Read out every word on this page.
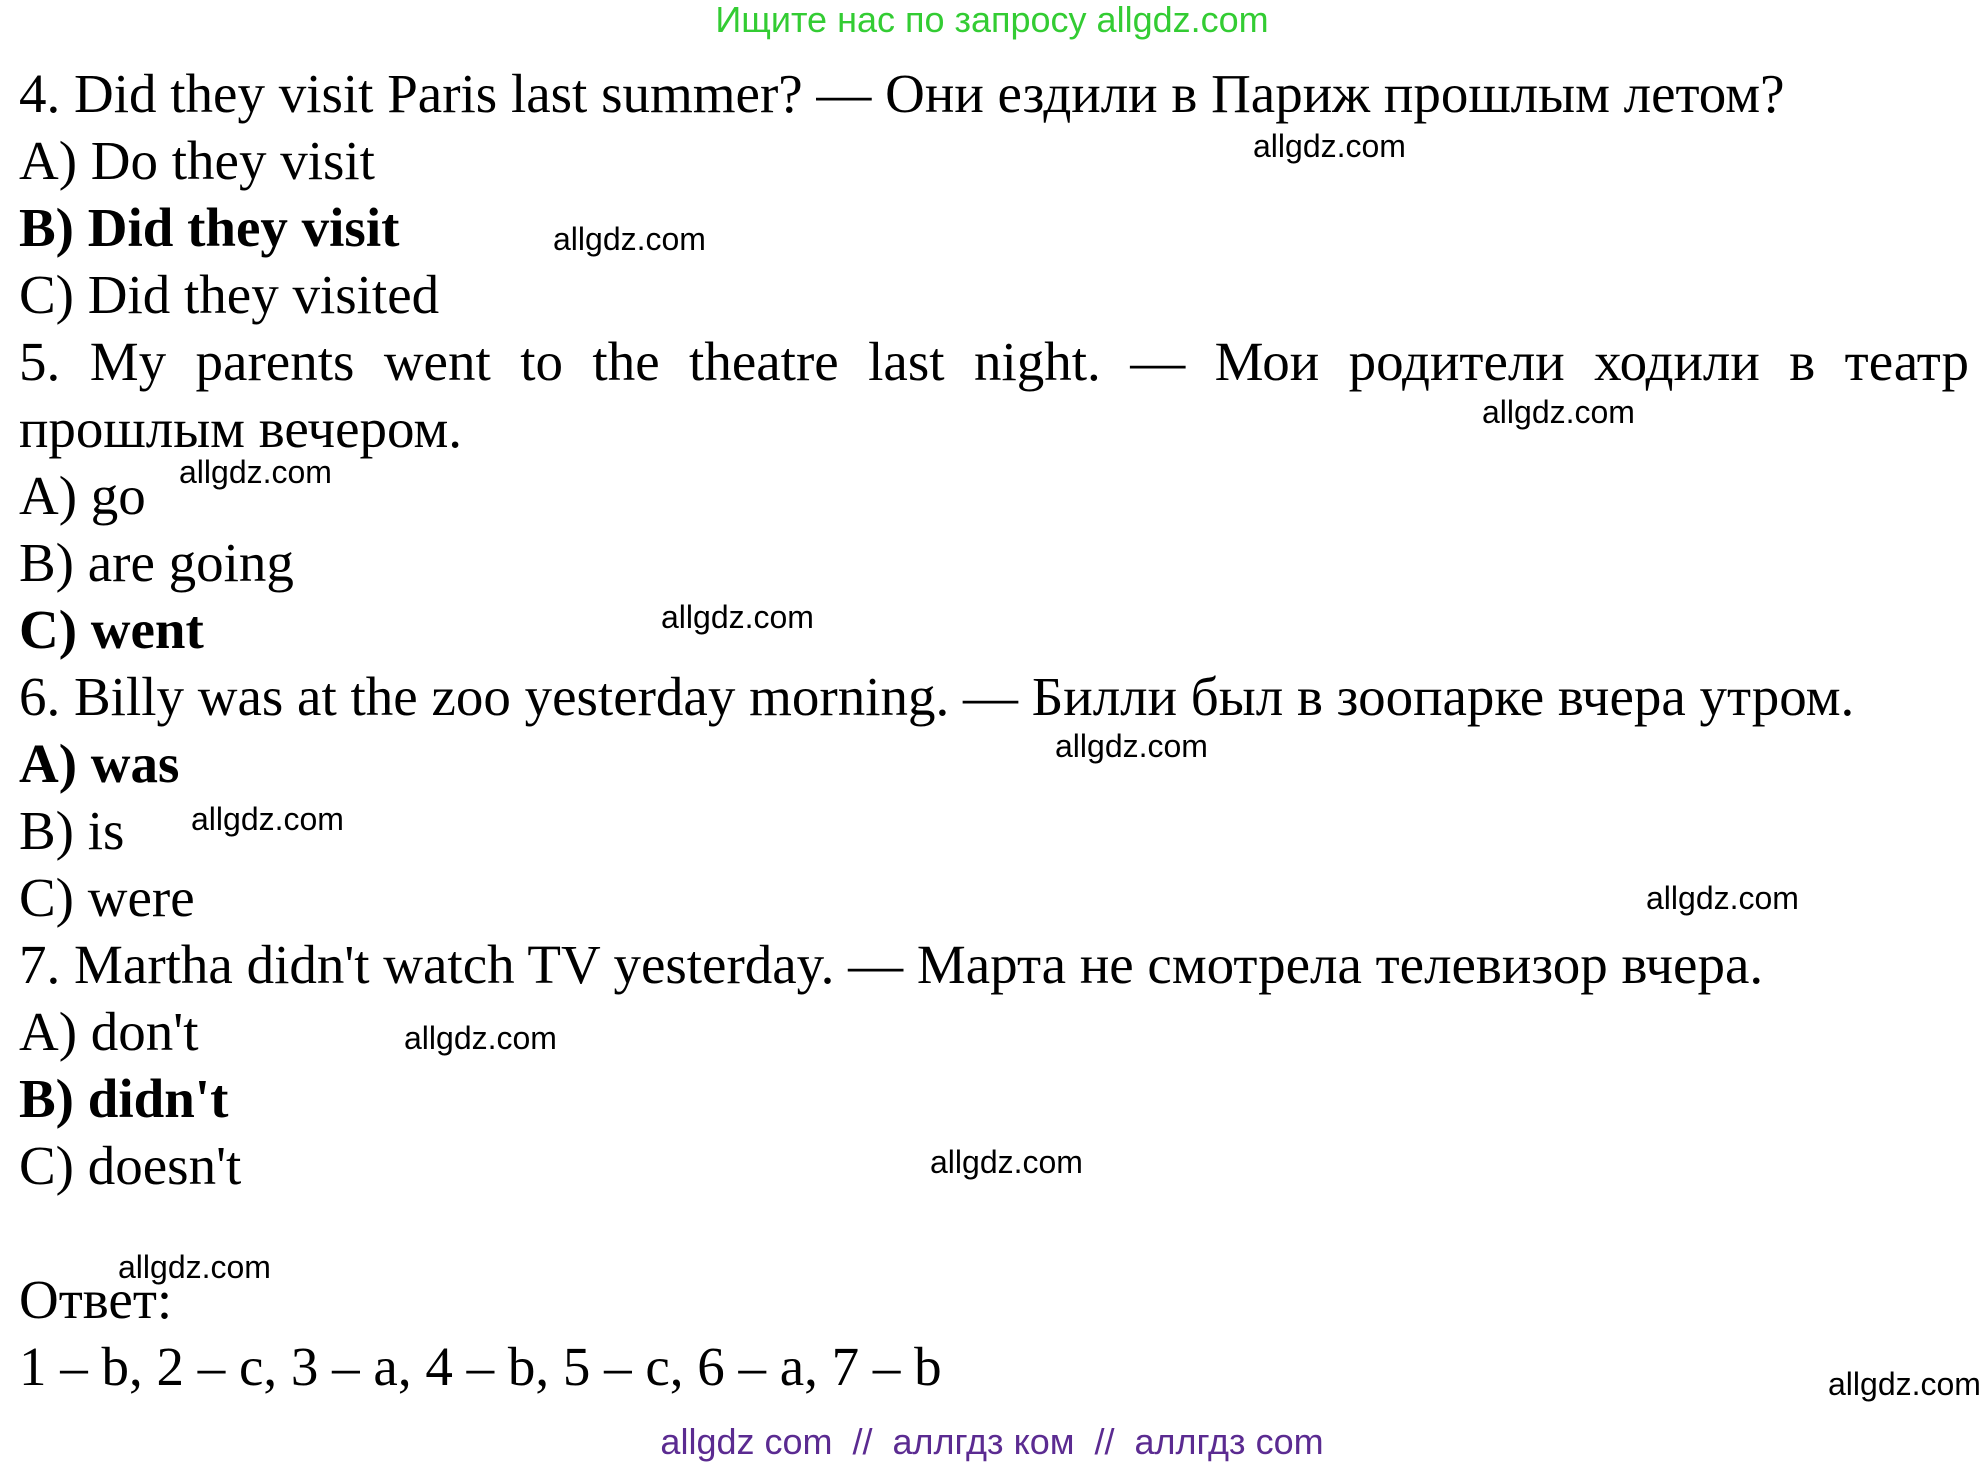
Ищите нас по запросу allgdz.com
4. Did they visit Paris last summer? — Они ездили в Париж прошлым летом?
A) Do they visit
B) Did they visit
C) Did they visited
5. My parents went to the theatre last night. — Мои родители ходили в театр
прошлым вечером.
A) go
B) are going
C) went
6. Billy was at the zoo yesterday morning. — Билли был в зоопарке вчера утром.
A) was
B) is
C) were
7. Martha didn't watch TV yesterday. — Марта не смотрела телевизор вчера.
A) don't
B) didn't
C) doesn't
Ответ:
1 – b, 2 – c, 3 – a, 4 – b, 5 – c, 6 – a, 7 – b
allgdz.com
allgdz.com
allgdz.com
allgdz.com
allgdz.com
allgdz.com
allgdz.com
allgdz.com
allgdz.com
allgdz.com
allgdz.com
allgdz.com
allgdz com  //  аллгдз ком  //  аллгдз com
